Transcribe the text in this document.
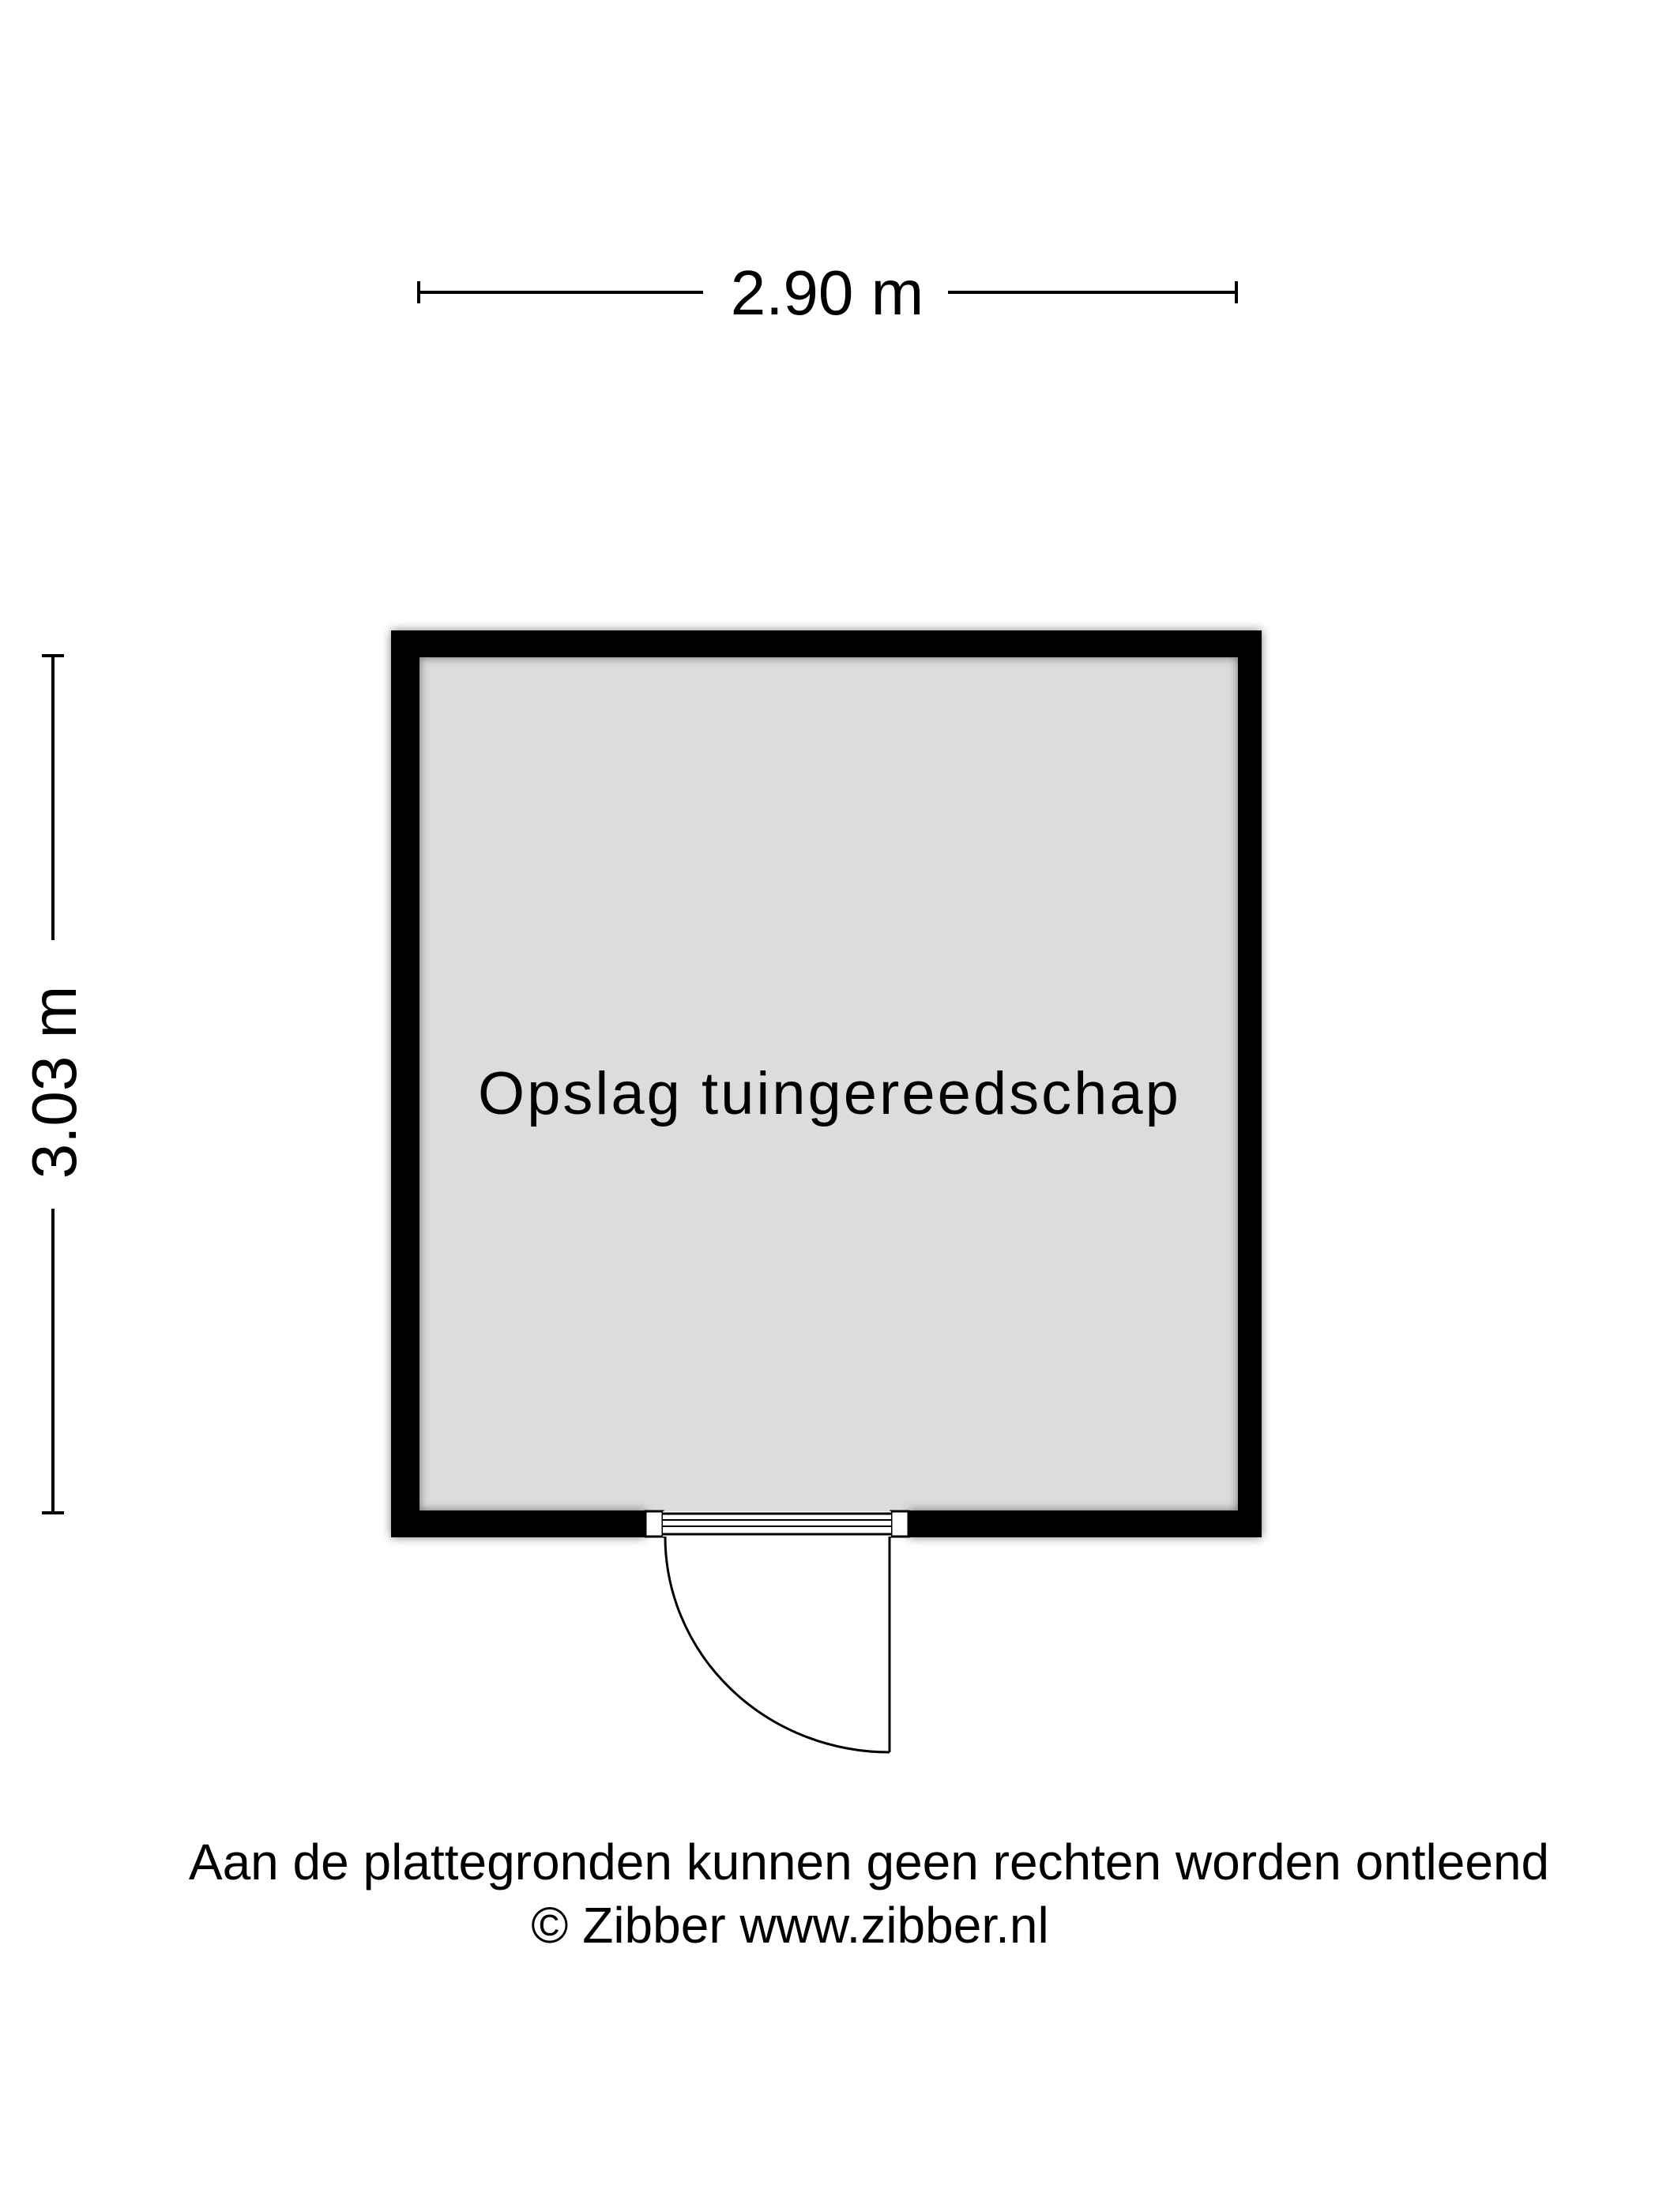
2.90 m
3.03 m	Opslag tuingereedschap
Aan de plattegronden kunnen geen rechten worden ontleend
© Zibber www.zibber.nl
